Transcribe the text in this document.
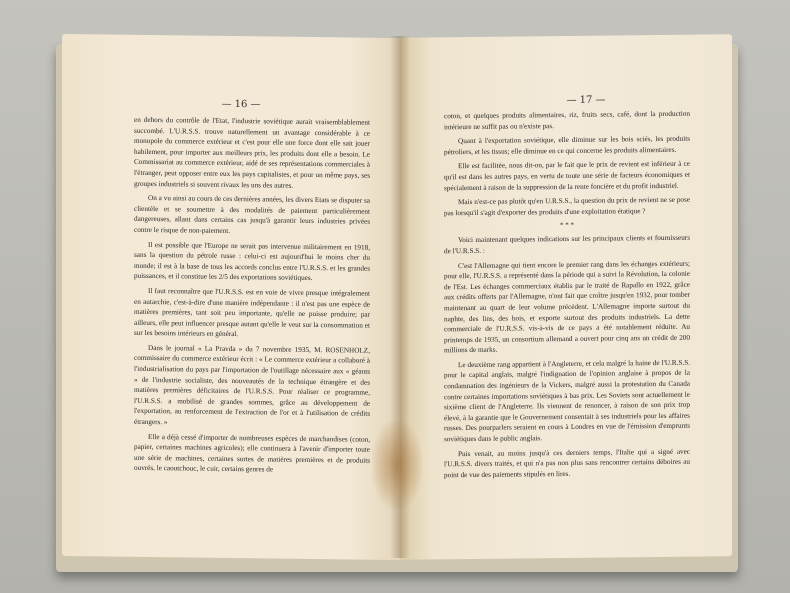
— 16 —

en dehors du contrôle de l'Etat, l'industrie soviétique aurait vraisemblablement succombé. L'U.R.S.S. trouve naturellement un avantage considérable à ce monopole du commerce extérieur et c'est pour elle une force dont elle sait jouer habilement, pour importer aux meilleurs prix, les produits dont elle a besoin. Le Commissariat au commerce extérieur, aidé de ses représentations commerciales à l'étranger, peut opposer entre eux les pays capitalistes, et pour un même pays, ses groupes industriels si souvent rivaux les uns des autres.

On a vu ainsi au cours de ces dernières années, les divers Etats se disputer sa clientèle et se soumettre à des modalités de paiement particulièrement dangereuses, allant dans certains cas jusqu'à garantir leurs industries privées contre le risque de non-paiement.

Il est possible que l'Europe ne serait pas intervenue militairement en 1918, sans la question du pétrole russe : celui-ci est aujourd'hui le moins cher du monde; il est à la base de tous les accords conclus entre l'U.R.S.S. et les grandes puissances, et il constitue les 2/5 des exportations soviétiques.

Il faut reconnaître que l'U.R.S.S. est en voie de vivre presque intégralement en autarchie, c'est-à-dire d'une manière indépendante : il n'est pas une espèce de matières premières, tant soit peu importante, qu'elle ne puisse produire; par ailleurs, elle peut influencer presque autant qu'elle le veut sur la consommation et sur les besoins intérieurs en général.

Dans le journal « La Pravda » du 7 novembre 1935, M. ROSENHOLZ, commissaire du commerce extérieur écrit : « Le commerce extérieur a collaboré à l'industrialisation du pays par l'importation de l'outillage nécessaire aux « géants » de l'industrie socialiste, des nouveautés de la technique étrangère et des matières premières déficitaires de l'U.R.S.S. Pour réaliser ce programme, l'U.R.S.S. a mobilisé de grandes sommes, grâce au développement de l'exportation, au renforcement de l'extraction de l'or et à l'utilisation de crédits étrangers. »

Elle a déjà cessé d'importer de nombreuses espèces de marchandises (coton, papier, certaines machines agricoles); elle continuera à l'avenir d'importer toute une série de machines, certaines sortes de matières premières et de produits ouvrés, le caoutchouc, le cuir, certains genres de

— 17 —

coton, et quelques produits alimentaires, riz, fruits secs, café, dont la production intérieure ne suffit pas ou n'existe pas.

Quant à l'exportation soviétique, elle diminue sur les bois sciés, les produits pétroliers, et les tissus; elle diminue en ce qui concerne les produits alimentaires.

Elle est facilitée, nous dit-on, par le fait que le prix de revient est inférieur à ce qu'il est dans les autres pays, en vertu de toute une série de facteurs économiques et spécialement à raison de la suppression de la rente foncière et du profit industriel.

Mais n'est-ce pas plutôt qu'en U.R.S.S., la question du prix de revient ne se pose pas lorsqu'il s'agit d'exporter des produits d'une exploitation étatique ?

* * *

Voici maintenant quelques indications sur les principaux clients et fournisseurs de l'U.R.S.S. :

C'est l'Allemagne qui tient encore le premier rang dans les échanges extérieurs; pour elle, l'U.R.S.S. a représenté dans la période qui a suivi la Révolution, la colonie de l'Est. Les échanges commerciaux établis par le traité de Rapallo en 1922, grâce aux crédits offerts par l'Allemagne, n'ont fait que croître jusqu'en 1932, pour tomber maintenant au quart de leur volume précédent. L'Allemagne importe surtout du naphte, des lins, des bois, et exporte surtout des produits industriels. La dette commerciale de l'U.R.S.S. vis-à-vis de ce pays a été notablement réduite. Au printemps de 1935, un consortium allemand a ouvert pour cinq ans un crédit de 200 millions de marks.

Le deuxième rang appartient à l'Angleterre, et cela malgré la haine de l'U.R.S.S. pour le capital anglais, malgré l'indignation de l'opinion anglaise à propos de la condamnation des ingénieurs de la Vickers, malgré aussi la protestation du Canada contre certaines importations soviétiques à bas prix. Les Soviets sont actuellement le sixième client de l'Angleterre. Ils viennent de renoncer, à raison de son prix trop élevé, à la garantie que le Gouvernement consentait à ses industriels pour les affaires russes. Des pourparlers seraient en cours à Londres en vue de l'émission d'emprunts soviétiques dans le public anglais.

Puis venait, au moins jusqu'à ces derniers temps, l'Italie qui a signé avec l'U.R.S.S. divers traités, et qui n'a pas non plus sans rencontrer certains déboires au point de vue des paiements stipulés en lires.
